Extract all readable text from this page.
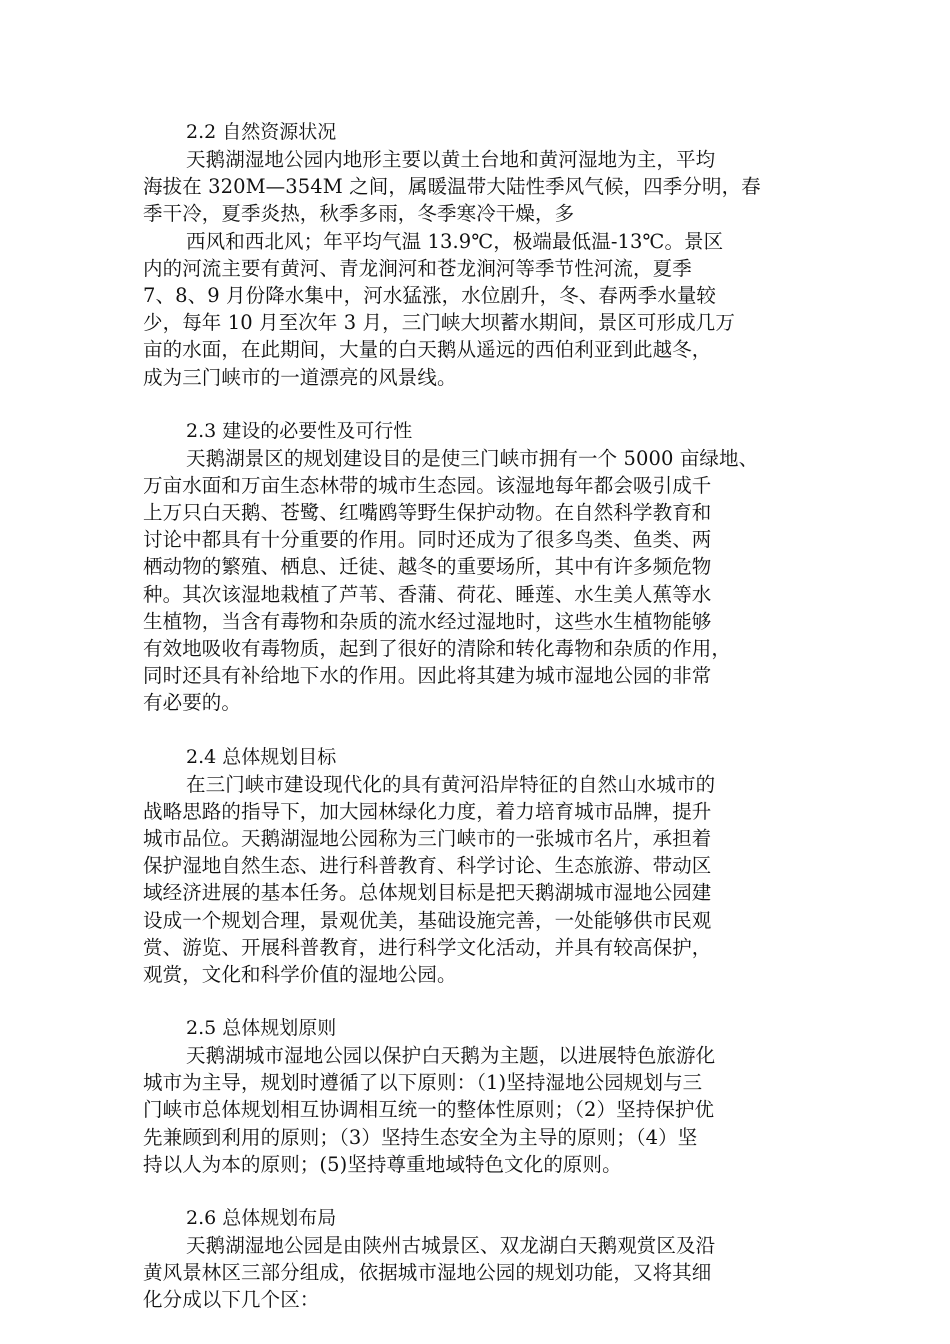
2.2 自然资源状况

天鹅湖湿地公园内地形主要以黄土台地和黄河湿地为主，平均

海拔在 320M—354M 之间，属暖温带大陆性季风气候，四季分明，春

季干冷，夏季炎热，秋季多雨，冬季寒冷干燥，多

西风和西北风；年平均气温 13.9℃，极端最低温-13℃。景区

内的河流主要有黄河、青龙涧河和苍龙涧河等季节性河流，夏季

7、8、9 月份降水集中，河水猛涨，水位剧升，冬、春两季水量较

少，每年 10 月至次年 3 月，三门峡大坝蓄水期间，景区可形成几万

亩的水面，在此期间，大量的白天鹅从遥远的西伯利亚到此越冬，

成为三门峡市的一道漂亮的风景线。

2.3 建设的必要性及可行性

天鹅湖景区的规划建设目的是使三门峡市拥有一个 5000 亩绿地、

万亩水面和万亩生态林带的城市生态园。该湿地每年都会吸引成千

上万只白天鹅、苍鹭、红嘴鸥等野生保护动物。在自然科学教育和

讨论中都具有十分重要的作用。同时还成为了很多鸟类、鱼类、两

栖动物的繁殖、栖息、迁徒、越冬的重要场所，其中有许多频危物

种。其次该湿地栽植了芦苇、香蒲、荷花、睡莲、水生美人蕉等水

生植物，当含有毒物和杂质的流水经过湿地时，这些水生植物能够

有效地吸收有毒物质，起到了很好的清除和转化毒物和杂质的作用，

同时还具有补给地下水的作用。因此将其建为城市湿地公园的非常

有必要的。

2.4 总体规划目标

在三门峡市建设现代化的具有黄河沿岸特征的自然山水城市的

战略思路的指导下，加大园林绿化力度，着力培育城市品牌，提升

城市品位。天鹅湖湿地公园称为三门峡市的一张城市名片，承担着

保护湿地自然生态、进行科普教育、科学讨论、生态旅游、带动区

域经济进展的基本任务。总体规划目标是把天鹅湖城市湿地公园建

设成一个规划合理，景观优美，基础设施完善，一处能够供市民观

赏、游览、开展科普教育，进行科学文化活动，并具有较高保护，

观赏，文化和科学价值的湿地公园。

2.5 总体规划原则

天鹅湖城市湿地公园以保护白天鹅为主题，以进展特色旅游化

城市为主导，规划时遵循了以下原则：（1)坚持湿地公园规划与三

门峡市总体规划相互协调相互统一的整体性原则；（2）坚持保护优

先兼顾到利用的原则；（3）坚持生态安全为主导的原则；（4）坚

持以人为本的原则；(5)坚持尊重地域特色文化的原则。

2.6 总体规划布局

天鹅湖湿地公园是由陕州古城景区、双龙湖白天鹅观赏区及沿

黄风景林区三部分组成，依据城市湿地公园的规划功能，又将其细

化分成以下几个区：
